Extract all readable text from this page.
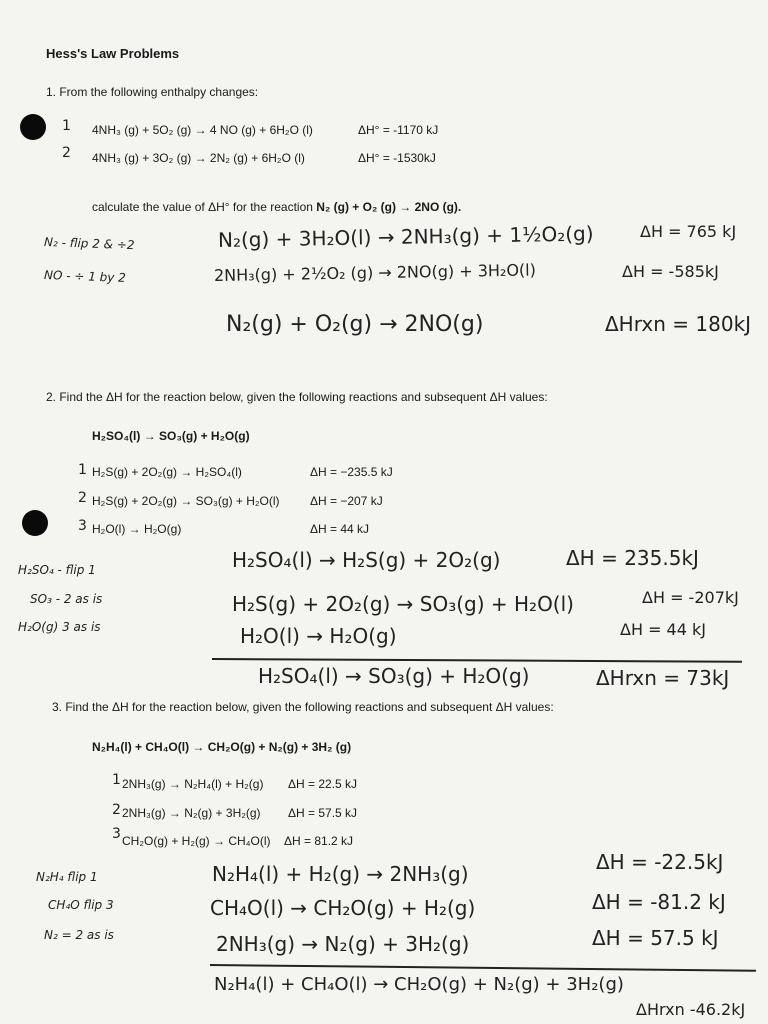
Hess's Law Problems
1. From the following enthalpy changes:
1 4NH₃ (g) + 5O₂ (g) → 4 NO (g) + 6H₂O (l)	ΔH° = -1170 kJ
2 4NH₃ (g) + 3O₂ (g) → 2N₂ (g) + 6H₂O (l)	ΔH° = -1530kJ
calculate the value of ΔH° for the reaction N₂ (g) + O₂ (g) → 2NO (g).
N₂ - flip 2 & ÷2
NO - ÷ 1 by 2
N₂(g) + 3H₂O(l) → 2NH₃(g) + 1½O₂(g)	ΔH = 765 kJ
2NH₃(g) + 2½O₂ (g) → 2NO(g) + 3H₂O(l)	ΔH = -585kJ
N₂(g) + O₂(g) → 2NO(g)	ΔHrxn = 180kJ
2. Find the ΔH for the reaction below, given the following reactions and subsequent ΔH values:
H₂SO₄(l) → SO₃(g) + H₂O(g)
1 H₂S(g) + 2O₂(g) → H₂SO₄(l)	ΔH = −235.5 kJ
2 H₂S(g) + 2O₂(g) → SO₃(g) + H₂O(l)	ΔH = −207 kJ
3 H₂O(l) → H₂O(g)	ΔH = 44 kJ
H₂SO₄ - flip 1
SO₃ - 2 as is
H₂O(g) 3 as is
H₂SO₄(l) → H₂S(g) + 2O₂(g)	ΔH = 235.5kJ
H₂S(g) + 2O₂(g) → SO₃(g) + H₂O(l)	ΔH = -207kJ
H₂O(l) → H₂O(g)	ΔH = 44 kJ
H₂SO₄(l) → SO₃(g) + H₂O(g)	ΔHrxn = 73kJ
3. Find the ΔH for the reaction below, given the following reactions and subsequent ΔH values:
N₂H₄(l) + CH₄O(l) → CH₂O(g) + N₂(g) + 3H₂ (g)
1 2NH₃(g) → N₂H₄(l) + H₂(g) ΔH = 22.5 kJ
2 2NH₃(g) → N₂(g) + 3H₂(g) ΔH = 57.5 kJ
3 CH₂O(g) + H₂(g) → CH₄O(l) ΔH = 81.2 kJ
N₂H₄ flip 1
CH₄O flip 3
N₂ = 2 as is
N₂H₄(l) + H₂(g) → 2NH₃(g)	ΔH = -22.5kJ
CH₄O(l) → CH₂O(g) + H₂(g)	ΔH = -81.2 kJ
2NH₃(g) → N₂(g) + 3H₂(g)	ΔH = 57.5 kJ
N₂H₄(l) + CH₄O(l) → CH₂O(g) + N₂(g) + 3H₂(g)
ΔHrxn -46.2kJ
